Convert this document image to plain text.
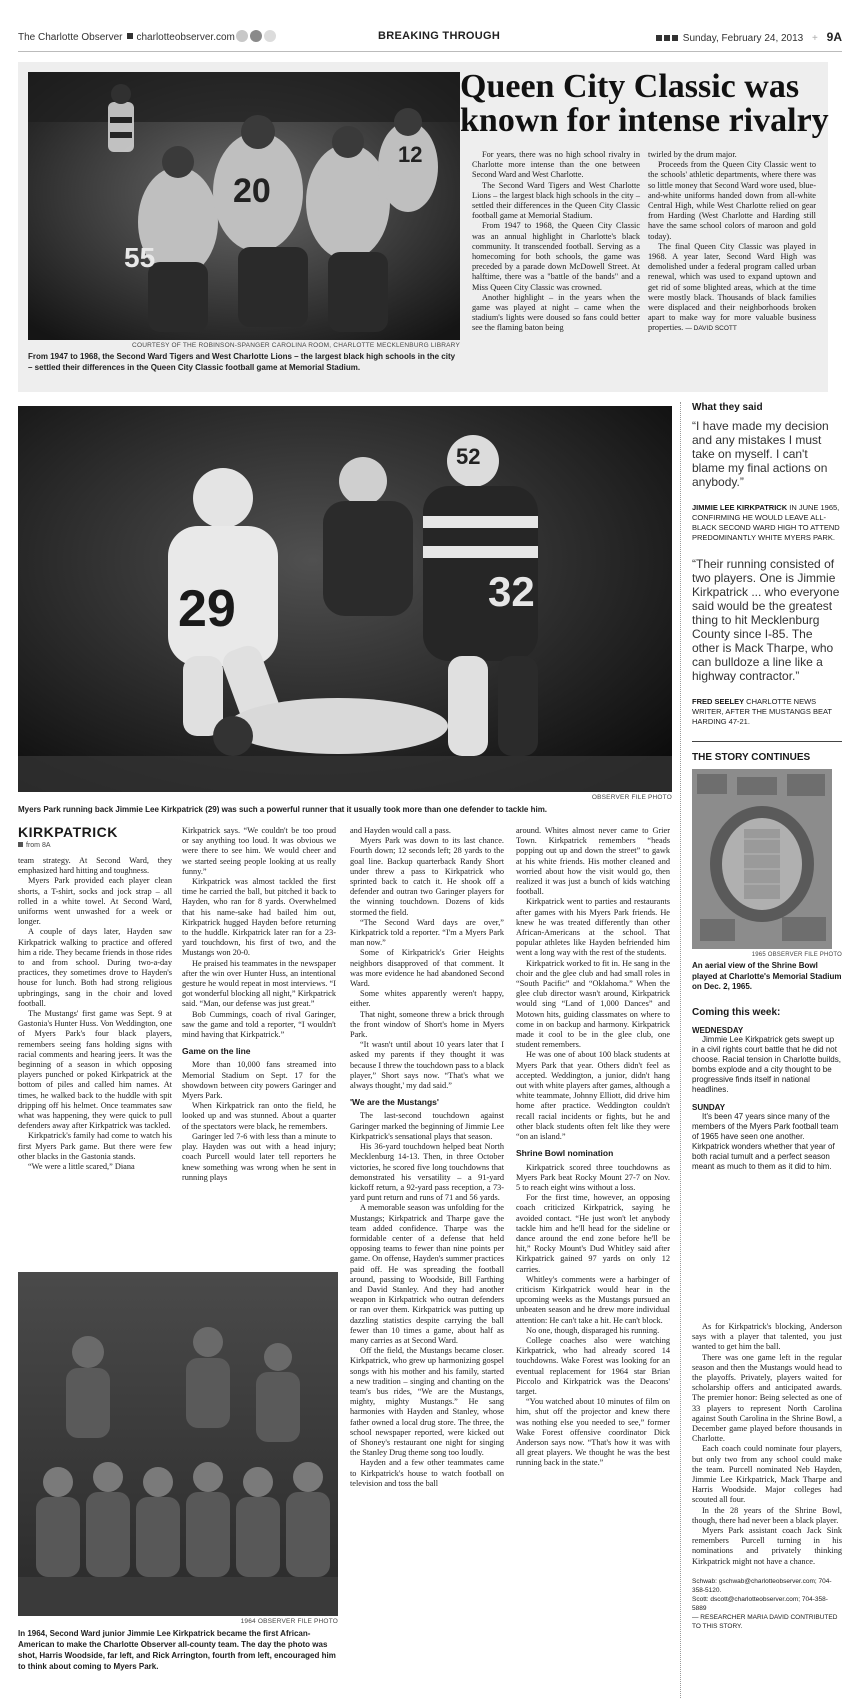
The Charlotte Observer charlotteobserver.com	BREAKING THROUGH	Sunday, February 24, 2013 + 9A
20
55
12
COURTESY OF THE ROBINSON-SPANGER CAROLINA ROOM, CHARLOTTE MECKLENBURG LIBRARY
From 1947 to 1968, the Second Ward Tigers and West Charlotte Lions – the largest black high schools in the city – settled their differences in the Queen City Classic football game at Memorial Stadium.
Queen City Classic was known for intense rivalry

For years, there was no high school rivalry in Charlotte more intense than the one between Second Ward and West Charlotte.

The Second Ward Tigers and West Charlotte Lions – the largest black high schools in the city – settled their differences in the Queen City Classic football game at Memorial Stadium.

From 1947 to 1968, the Queen City Classic was an annual highlight in Charlotte's black community. It transcended football. Serving as a homecoming for both schools, the game was preceded by a parade down McDowell Street. At halftime, there was a "battle of the bands" and a Miss Queen City Classic was crowned.

Another highlight – in the years when the game was played at night – came when the stadium's lights were doused so fans could better see the flaming baton being

twirled by the drum major.

Proceeds from the Queen City Classic went to the schools' athletic departments, where there was so little money that Second Ward wore used, blue-and-white uniforms handed down from all-white Central High, while West Charlotte relied on gear from Harding (West Charlotte and Harding still have the same school colors of maroon and gold today).

The final Queen City Classic was played in 1968. A year later, Second Ward High was demolished under a federal program called urban renewal, which was used to expand uptown and get rid of some blighted areas, which at the time were mostly black. Thousands of black families were displaced and their neighborhoods broken apart to make way for more valuable business properties. — DAVID SCOTT

29
52
32
OBSERVER FILE PHOTO
Myers Park running back Jimmie Lee Kirkpatrick (29) was such a powerful runner that it usually took more than one defender to tackle him.
What they said
“I have made my decision and any mistakes I must take on myself. I can't blame my final actions on anybody.”
JIMMIE LEE KIRKPATRICK IN JUNE 1965, CONFIRMING HE WOULD LEAVE ALL-BLACK SECOND WARD HIGH TO ATTEND PREDOMINANTLY WHITE MYERS PARK.
“Their running consisted of two players. One is Jimmie Kirkpatrick ... who everyone said would be the greatest thing to hit Mecklenburg County since I-85. The other is Mack Tharpe, who can bulldoze a line like a highway contractor.”
FRED SEELEY CHARLOTTE NEWS WRITER, AFTER THE MUSTANGS BEAT HARDING 47-21.
THE STORY CONTINUES
1965 OBSERVER FILE PHOTO
An aerial view of the Shrine Bowl played at Charlotte's Memorial Stadium on Dec. 2, 1965.
Coming this week:
WEDNESDAY
Jimmie Lee Kirkpatrick gets swept up in a civil rights court battle that he did not choose. Racial tension in Charlotte builds, bombs explode and a city thought to be progressive finds itself in national headlines.
SUNDAY
It's been 47 years since many of the members of the Myers Park football team of 1965 have seen one another. Kirkpatrick wonders whether that year of both racial tumult and a perfect season meant as much to them as it did to him.
KIRKPATRICK
from 8A

team strategy. At Second Ward, they emphasized hard hitting and toughness.

Myers Park provided each player clean shorts, a T-shirt, socks and jock strap – all rolled in a white towel. At Second Ward, uniforms went unwashed for a week or longer.

A couple of days later, Hayden saw Kirkpatrick walking to practice and offered him a ride. They became friends in those rides to and from school. During two-a-day practices, they sometimes drove to Hayden's house for lunch. Both had strong religious upbringings, sang in the choir and loved football.

The Mustangs' first game was Sept. 9 at Gastonia's Hunter Huss. Von Weddington, one of Myers Park's four black players, remembers seeing fans holding signs with racial comments and hearing jeers. It was the beginning of a season in which opposing players punched or poked Kirkpatrick at the bottom of piles and called him names. At times, he walked back to the huddle with spit dripping off his helmet. Once teammates saw what was happening, they were quick to pull defenders away after Kirkpatrick was tackled.

Kirkpatrick's family had come to watch his first Myers Park game. But there were few other blacks in the Gastonia stands.

“We were a little scared,” Diana

Kirkpatrick says. “We couldn't be too proud or say anything too loud. It was obvious we were there to see him. We would cheer and we started seeing people looking at us really funny.”

Kirkpatrick was almost tackled the first time he carried the ball, but pitched it back to Hayden, who ran for 8 yards. Overwhelmed that his name-sake had bailed him out, Kirkpatrick hugged Hayden before returning to the huddle. Kirkpatrick later ran for a 23-yard touchdown, his first of two, and the Mustangs won 20-0.

He praised his teammates in the newspaper after the win over Hunter Huss, an intentional gesture he would repeat in most interviews. “I got wonderful blocking all night,” Kirkpatrick said. “Man, our defense was just great.”

Bob Cummings, coach of rival Garinger, saw the game and told a reporter, “I wouldn't mind having that Kirkpatrick.”

Game on the line

More than 10,000 fans streamed into Memorial Stadium on Sept. 17 for the showdown between city powers Garinger and Myers Park.

When Kirkpatrick ran onto the field, he looked up and was stunned. About a quarter of the spectators were black, he remembers.

Garinger led 7-6 with less than a minute to play. Hayden was out with a head injury; coach Purcell would later tell reporters he knew something was wrong when he sent in running plays

1964 OBSERVER FILE PHOTO
In 1964, Second Ward junior Jimmie Lee Kirkpatrick became the first African-American to make the Charlotte Observer all-county team. The day the photo was shot, Harris Woodside, far left, and Rick Arrington, fourth from left, encouraged him to think about coming to Myers Park.

and Hayden would call a pass.

Myers Park was down to its last chance. Fourth down; 12 seconds left; 28 yards to the goal line. Backup quarterback Randy Short under threw a pass to Kirkpatrick who sprinted back to catch it. He shook off a defender and outran two Garinger players for the winning touchdown. Dozens of kids stormed the field.

“The Second Ward days are over,” Kirkpatrick told a reporter. “I'm a Myers Park man now.”

Some of Kirkpatrick's Grier Heights neighbors disapproved of that comment. It was more evidence he had abandoned Second Ward.

Some whites apparently weren't happy, either.

That night, someone threw a brick through the front window of Short's home in Myers Park.

“It wasn't until about 10 years later that I asked my parents if they thought it was because I threw the touchdown pass to a black player,” Short says now. “That's what we always thought,' my dad said.”

'We are the Mustangs'

The last-second touchdown against Garinger marked the beginning of Jimmie Lee Kirkpatrick's sensational plays that season.

His 36-yard touchdown helped beat North Mecklenburg 14-13. Then, in three October victories, he scored five long touchdowns that demonstrated his versatility – a 91-yard kickoff return, a 92-yard pass reception, a 73-yard punt return and runs of 71 and 56 yards.

A memorable season was unfolding for the Mustangs; Kirkpatrick and Tharpe gave the team added confidence. Tharpe was the formidable center of a defense that held opposing teams to fewer than nine points per game. On offense, Hayden's summer practices paid off. He was spreading the football around, passing to Woodside, Bill Farthing and David Stanley. And they had another weapon in Kirkpatrick who outran defenders or ran over them. Kirkpatrick was putting up dazzling statistics despite carrying the ball fewer than 10 times a game, about half as many carries as at Second Ward.

Off the field, the Mustangs became closer. Kirkpatrick, who grew up harmonizing gospel songs with his mother and his family, started a new tradition – singing and chanting on the team's bus rides, “We are the Mustangs, mighty, mighty Mustangs.” He sang harmonies with Hayden and Stanley, whose father owned a local drug store. The three, the school newspaper reported, were kicked out of Shoney's restaurant one night for singing the Stanley Drug theme song too loudly.

Hayden and a few other teammates came to Kirkpatrick's house to watch football on television and toss the ball

around. Whites almost never came to Grier Town. Kirkpatrick remembers “heads popping out up and down the street” to gawk at his white friends. His mother cleaned and worried about how the visit would go, then realized it was just a bunch of kids watching football.

Kirkpatrick went to parties and restaurants after games with his Myers Park friends. He knew he was treated differently than other African-Americans at the school. That popular athletes like Hayden befriended him went a long way with the rest of the students.

Kirkpatrick worked to fit in. He sang in the choir and the glee club and had small roles in “South Pacific” and “Oklahoma.” When the glee club director wasn't around, Kirkpatrick would sing “Land of 1,000 Dances” and Motown hits, guiding classmates on where to come in on backup and harmony. Kirkpatrick made it cool to be in the glee club, one student remembers.

He was one of about 100 black students at Myers Park that year. Others didn't feel as accepted. Weddington, a junior, didn't hang out with white players after games, although a white teammate, Johnny Elliott, did drive him home after practice. Weddington couldn't recall racial incidents or fights, but he and other black students often felt like they were “on an island.”

Shrine Bowl nomination

Kirkpatrick scored three touchdowns as Myers Park beat Rocky Mount 27-7 on Nov. 5 to reach eight wins without a loss.

For the first time, however, an opposing coach criticized Kirkpatrick, saying he avoided contact. “He just won't let anybody tackle him and he'll head for the sideline or dance around the end zone before he'll be hit,” Rocky Mount's Dud Whitley said after Kirkpatrick gained 97 yards on only 12 carries.

Whitley's comments were a harbinger of criticism Kirkpatrick would hear in the upcoming weeks as the Mustangs pursued an unbeaten season and he drew more individual attention: He can't take a hit. He can't block.

No one, though, disparaged his running.

College coaches also were watching Kirkpatrick, who had already scored 14 touchdowns. Wake Forest was looking for an eventual replacement for 1964 star Brian Piccolo and Kirkpatrick was the Deacons' target.

“You watched about 10 minutes of film on him, shut off the projector and knew there was nothing else you needed to see,” former Wake Forest offensive coordinator Dick Anderson says now. “That's how it was with all great players. We thought he was the best running back in the state.”

As for Kirkpatrick's blocking, Anderson says with a player that talented, you just wanted to get him the ball.

There was one game left in the regular season and then the Mustangs would head to the playoffs. Privately, players waited for scholarship offers and anticipated awards. The premier honor: Being selected as one of 33 players to represent North Carolina against South Carolina in the Shrine Bowl, a December game played before thousands in Charlotte.

Each coach could nominate four players, but only two from any school could make the team. Purcell nominated Neb Hayden, Jimmie Lee Kirkpatrick, Mack Tharpe and Harris Woodside. Major colleges had scouted all four.

In the 28 years of the Shrine Bowl, though, there had never been a black player.

Myers Park assistant coach Jack Sink remembers Purcell turning in his nominations and privately thinking Kirkpatrick might not have a chance.

Schwab: gschwab@charlotteobserver.com; 704-358-5120.
Scott: dscott@charlotteobserver.com; 704-358-5889
— RESEARCHER MARIA DAVID CONTRIBUTED TO THIS STORY.
